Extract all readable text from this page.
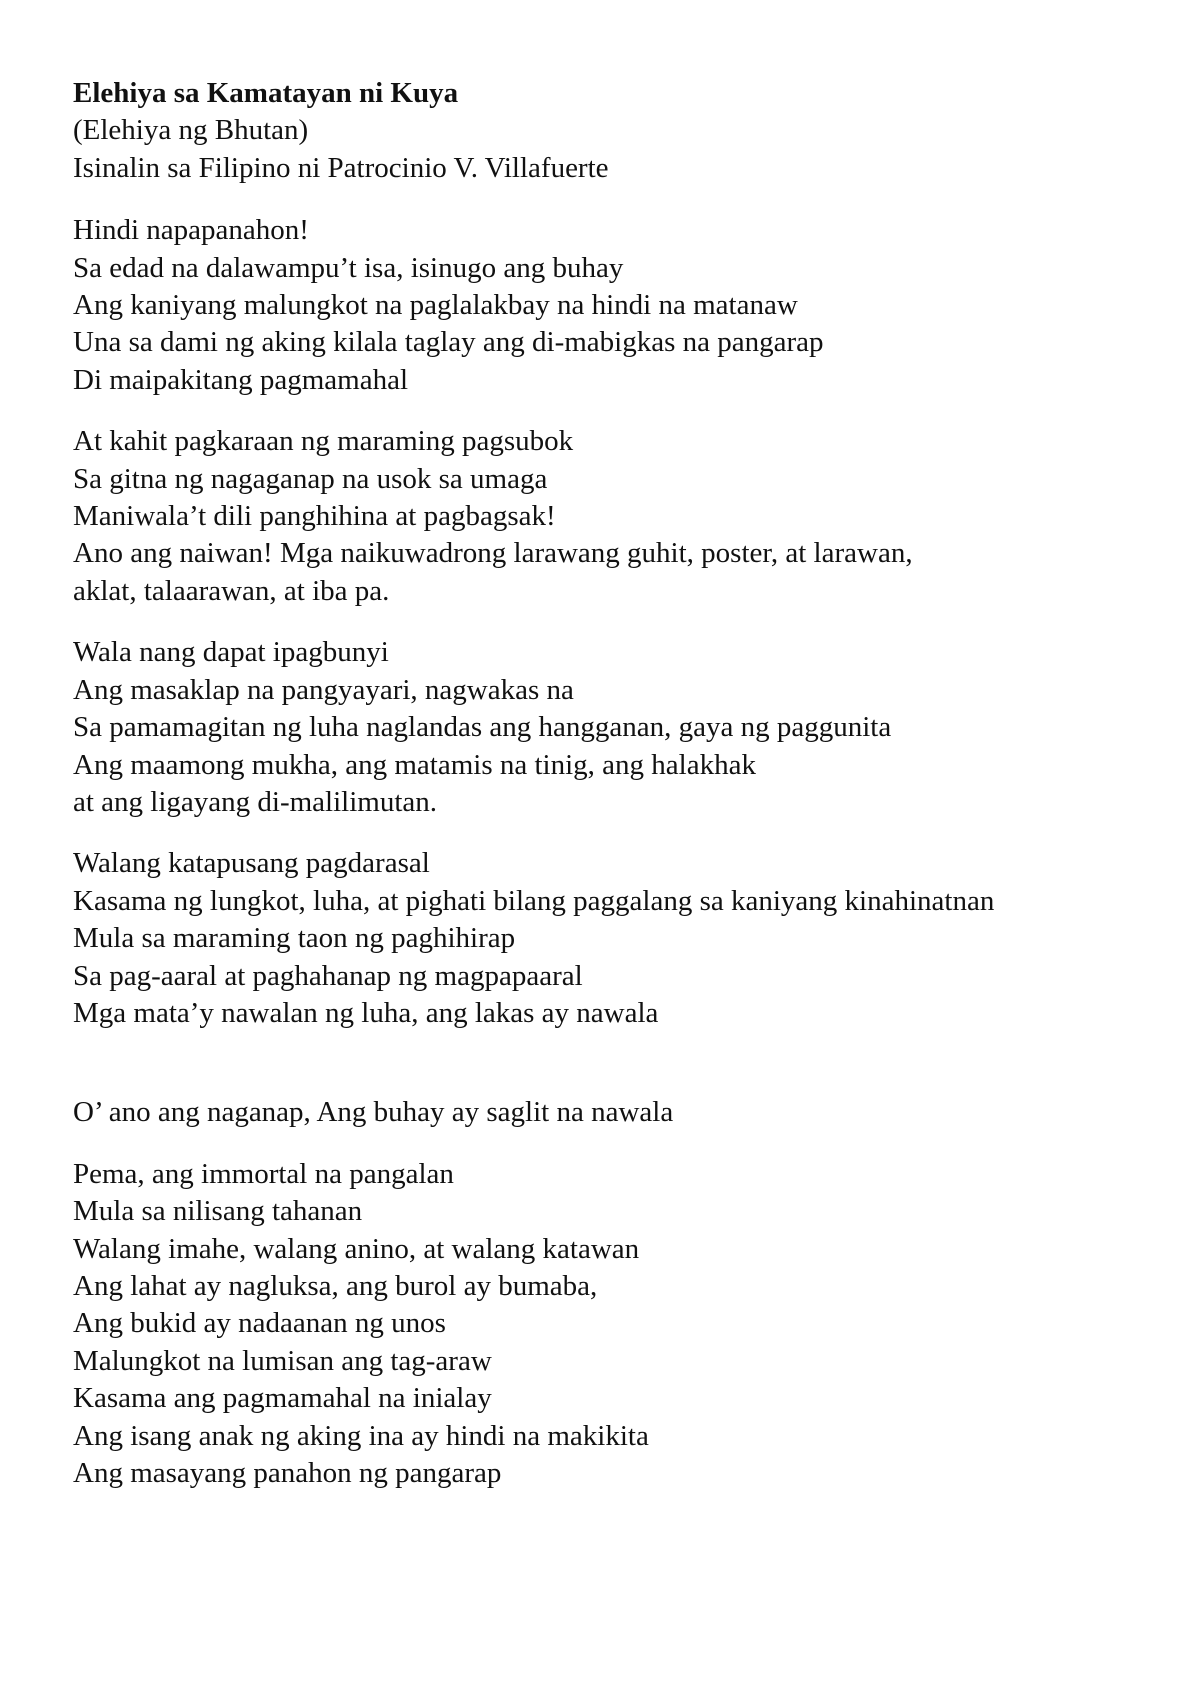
Elehiya sa Kamatayan ni Kuya
(Elehiya ng Bhutan)
Isinalin sa Filipino ni Patrocinio V. Villafuerte
Hindi napapanahon!
Sa edad na dalawampu’t isa, isinugo ang buhay
Ang kaniyang malungkot na paglalakbay na hindi na matanaw
Una sa dami ng aking kilala taglay ang di-mabigkas na pangarap
Di maipakitang pagmamahal
At kahit pagkaraan ng maraming pagsubok
Sa gitna ng nagaganap na usok sa umaga
Maniwala’t dili panghihina at pagbagsak!
Ano ang naiwan! Mga naikuwadrong larawang guhit, poster, at larawan,
aklat, talaarawan, at iba pa.
Wala nang dapat ipagbunyi
Ang masaklap na pangyayari, nagwakas na
Sa pamamagitan ng luha naglandas ang hangganan, gaya ng paggunita
Ang maamong mukha, ang matamis na tinig, ang halakhak
at ang ligayang di-malilimutan.
Walang katapusang pagdarasal
Kasama ng lungkot, luha, at pighati bilang paggalang sa kaniyang kinahinatnan
Mula sa maraming taon ng paghihirap
Sa pag-aaral at paghahanap ng magpapaaral
Mga mata’y nawalan ng luha, ang lakas ay nawala
O’ ano ang naganap, Ang buhay ay saglit na nawala
Pema, ang immortal na pangalan
Mula sa nilisang tahanan
Walang imahe, walang anino, at walang katawan
Ang lahat ay nagluksa, ang burol ay bumaba,
Ang bukid ay nadaanan ng unos
Malungkot na lumisan ang tag-araw
Kasama ang pagmamahal na inialay
Ang isang anak ng aking ina ay hindi na makikita
Ang masayang panahon ng pangarap
